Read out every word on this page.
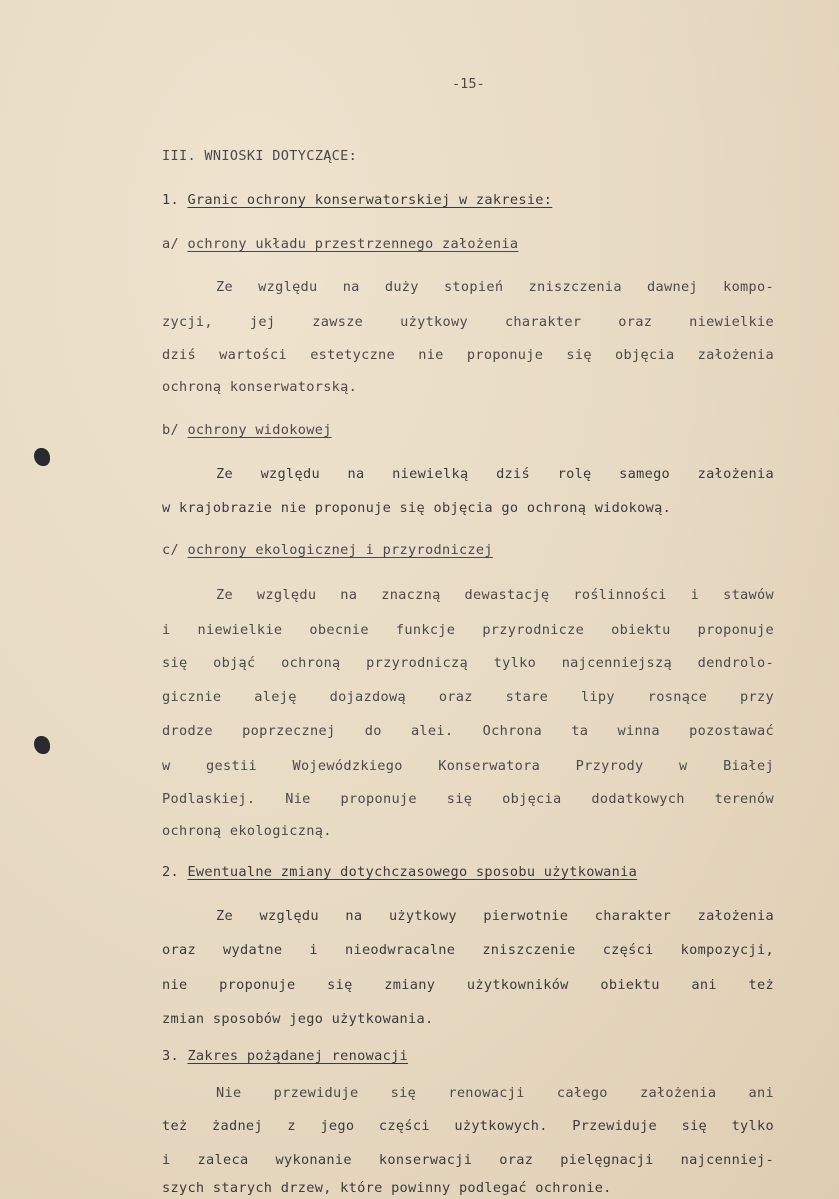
-15-
III. WNIOSKI DOTYCZĄCE:
1. Granic ochrony konserwatorskiej w zakresie:
a/ ochrony układu przestrzennego założenia
Ze względu na duży stopień zniszczenia dawnej kompo-
zycji, jej zawsze użytkowy charakter oraz niewielkie
dziś wartości estetyczne nie proponuje się objęcia założenia
ochroną konserwatorską.
b/ ochrony widokowej
Ze względu na niewielką dziś rolę samego założenia
w krajobrazie nie proponuje się objęcia go ochroną widokową.
c/ ochrony ekologicznej i przyrodniczej
Ze względu na znaczną dewastację roślinności i stawów
i niewielkie obecnie funkcje przyrodnicze obiektu proponuje
się objąć ochroną przyrodniczą tylko najcenniejszą dendrolo-
gicznie aleję dojazdową oraz stare lipy rosnące przy
drodze poprzecznej do alei. Ochrona ta winna pozostawać
w gestii Wojewódzkiego Konserwatora Przyrody w Białej
Podlaskiej. Nie proponuje się objęcia dodatkowych terenów
ochroną ekologiczną.
2. Ewentualne zmiany dotychczasowego sposobu użytkowania
Ze względu na użytkowy pierwotnie charakter założenia
oraz wydatne i nieodwracalne zniszczenie części kompozycji,
nie proponuje się zmiany użytkowników obiektu ani też
zmian sposobów jego użytkowania.
3. Zakres pożądanej renowacji
Nie przewiduje się renowacji całego założenia ani
też żadnej z jego części użytkowych. Przewiduje się tylko
i zaleca wykonanie konserwacji oraz pielęgnacji najcenniej-
szych starych drzew, które powinny podlegać ochronie.
